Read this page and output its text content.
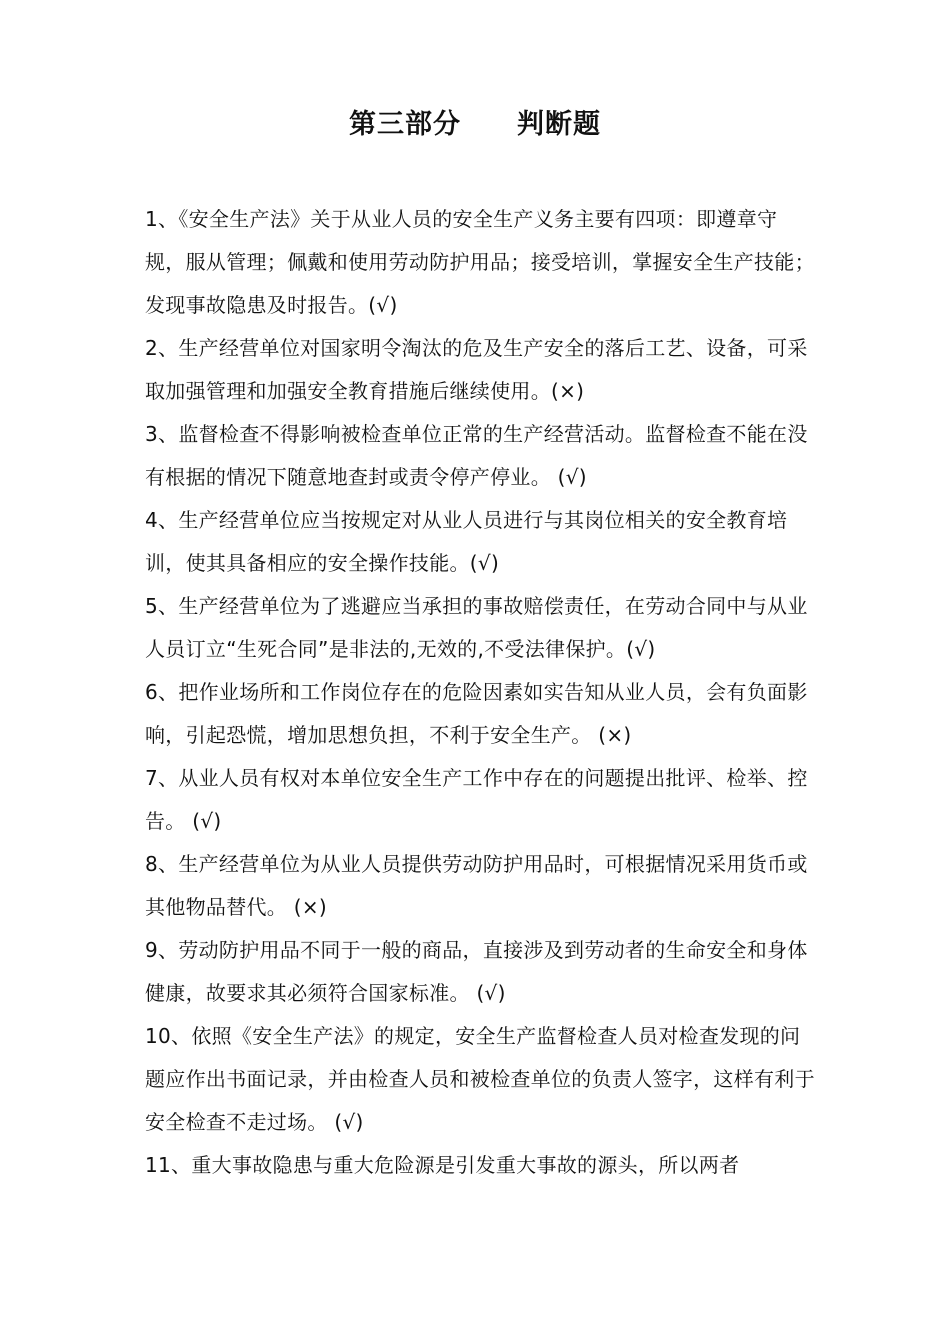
第三部分 判断题

1、《安全生产法》关于从业人员的安全生产义务主要有四项：即遵章守规，服从管理；佩戴和使用劳动防护用品；接受培训，掌握安全生产技能；发现事故隐患及时报告。(√)

2、生产经营单位对国家明令淘汰的危及生产安全的落后工艺、设备，可采取加强管理和加强安全教育措施后继续使用。(×)

3、监督检查不得影响被检查单位正常的生产经营活动。监督检查不能在没有根据的情况下随意地查封或责令停产停业。 (√)

4、生产经营单位应当按规定对从业人员进行与其岗位相关的安全教育培训，使其具备相应的安全操作技能。(√)

5、生产经营单位为了逃避应当承担的事故赔偿责任，在劳动合同中与从业人员订立“生死合同”是非法的,无效的,不受法律保护。(√)

6、把作业场所和工作岗位存在的危险因素如实告知从业人员，会有负面影响，引起恐慌，增加思想负担，不利于安全生产。 (×)

7、从业人员有权对本单位安全生产工作中存在的问题提出批评、检举、控告。 (√)

8、生产经营单位为从业人员提供劳动防护用品时，可根据情况采用货币或其他物品替代。 (×)

9、劳动防护用品不同于一般的商品，直接涉及到劳动者的生命安全和身体健康，故要求其必须符合国家标准。 (√)

10、依照《安全生产法》的规定，安全生产监督检查人员对检查发现的问题应作出书面记录，并由检查人员和被检查单位的负责人签字，这样有利于安全检查不走过场。 (√)

11、重大事故隐患与重大危险源是引发重大事故的源头，所以两者
